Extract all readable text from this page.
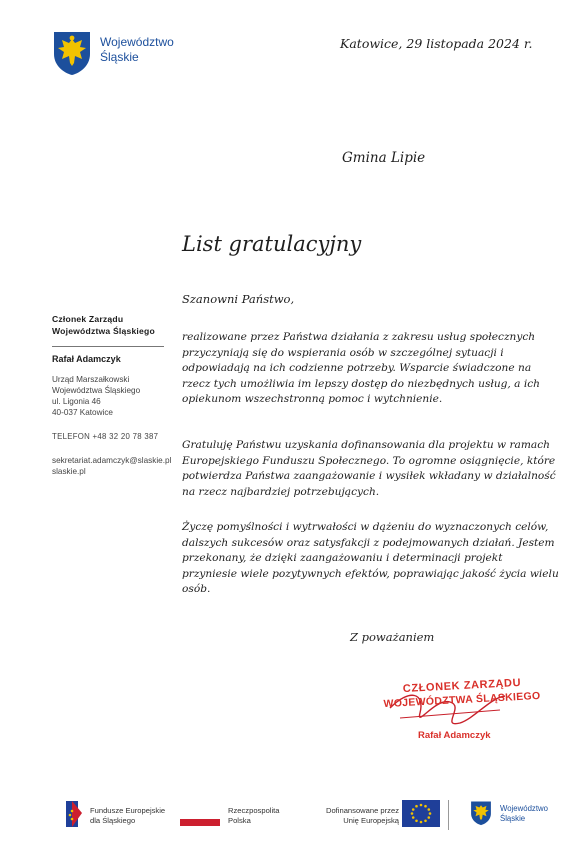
Województwo
Śląskie
Katowice, 29 listopada 2024 r.
Gmina Lipie
List gratulacyjny
Szanowni Państwo,
Członek Zarządu
Województwa Śląskiego
Rafał Adamczyk
Urząd Marszałkowski
Województwa Śląskiego
ul. Ligonia 46
40-037 Katowice
TELEFON +48 32 20 78 387
sekretariat.adamczyk@slaskie.pl
slaskie.pl
realizowane przez Państwa działania z zakresu usług społecznych przyczyniają się do wspierania osób w szczególnej sytuacji i odpowiadają na ich codzienne potrzeby. Wsparcie świadczone na rzecz tych umożliwia im lepszy dostęp do niezbędnych usług, a ich opiekunom wszechstronną pomoc i wytchnienie.
Gratuluję Państwu uzyskania dofinansowania dla projektu w ramach Europejskiego Funduszu Społecznego. To ogromne osiągnięcie, które potwierdza Państwa zaangażowanie i wysiłek wkładany w działalność na rzecz najbardziej potrzebujących.
Życzę pomyślności i wytrwałości w dążeniu do wyznaczonych celów, dalszych sukcesów oraz satysfakcji z podejmowanych działań. Jestem przekonany, że dzięki zaangażowaniu i determinacji projekt przyniesie wiele pozytywnych efektów, poprawiając jakość życia wielu osób.
Z poważaniem
CZŁONEK ZARZĄDU
WOJEWÓDZTWA ŚLĄSKIEGO
Rafał Adamczyk
Fundusze Europejskie
dla Śląskiego
Rzeczpospolita
Polska
Dofinansowane przez
Unię Europejską
Województwo
Śląskie
